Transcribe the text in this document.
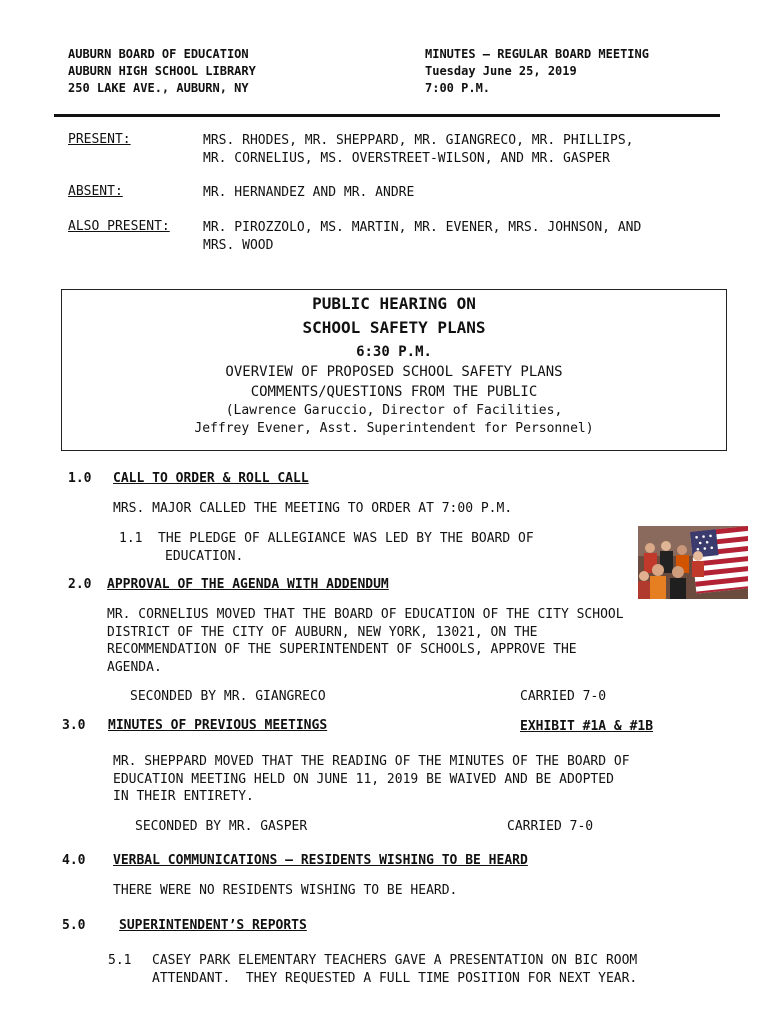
AUBURN BOARD OF EDUCATION
AUBURN HIGH SCHOOL LIBRARY
250 LAKE AVE., AUBURN, NY
MINUTES – REGULAR BOARD MEETING
Tuesday June 25, 2019
7:00 P.M.
PRESENT:	MRS. RHODES, MR. SHEPPARD, MR. GIANGRECO, MR. PHILLIPS,
MR. CORNELIUS, MS. OVERSTREET-WILSON, AND MR. GASPER
ABSENT:	MR. HERNANDEZ AND MR. ANDRE
ALSO PRESENT:	MR. PIROZZOLO, MS. MARTIN, MR. EVENER, MRS. JOHNSON, AND
MRS. WOOD
PUBLIC HEARING ON
SCHOOL SAFETY PLANS
6:30 P.M.
OVERVIEW OF PROPOSED SCHOOL SAFETY PLANS
COMMENTS/QUESTIONS FROM THE PUBLIC
(Lawrence Garuccio, Director of Facilities,
Jeffrey Evener, Asst. Superintendent for Personnel)
1.0 CALL TO ORDER & ROLL CALL
MRS. MAJOR CALLED THE MEETING TO ORDER AT 7:00 P.M.
1.1 THE PLEDGE OF ALLEGIANCE WAS LED BY THE BOARD OF
EDUCATION.
2.0 APPROVAL OF THE AGENDA WITH ADDENDUM
MR. CORNELIUS MOVED THAT THE BOARD OF EDUCATION OF THE CITY SCHOOL
DISTRICT OF THE CITY OF AUBURN, NEW YORK, 13021, ON THE
RECOMMENDATION OF THE SUPERINTENDENT OF SCHOOLS, APPROVE THE
AGENDA.
SECONDED BY MR. GIANGRECO	CARRIED 7-0
3.0 MINUTES OF PREVIOUS MEETINGS	EXHIBIT #1A & #1B
MR. SHEPPARD MOVED THAT THE READING OF THE MINUTES OF THE BOARD OF
EDUCATION MEETING HELD ON JUNE 11, 2019 BE WAIVED AND BE ADOPTED
IN THEIR ENTIRETY.
SECONDED BY MR. GASPER	CARRIED 7-0
4.0 VERBAL COMMUNICATIONS – RESIDENTS WISHING TO BE HEARD
THERE WERE NO RESIDENTS WISHING TO BE HEARD.
5.0	SUPERINTENDENT’S REPORTS
5.1 CASEY PARK ELEMENTARY TEACHERS GAVE A PRESENTATION ON BIC ROOM
ATTENDANT.  THEY REQUESTED A FULL TIME POSITION FOR NEXT YEAR.
